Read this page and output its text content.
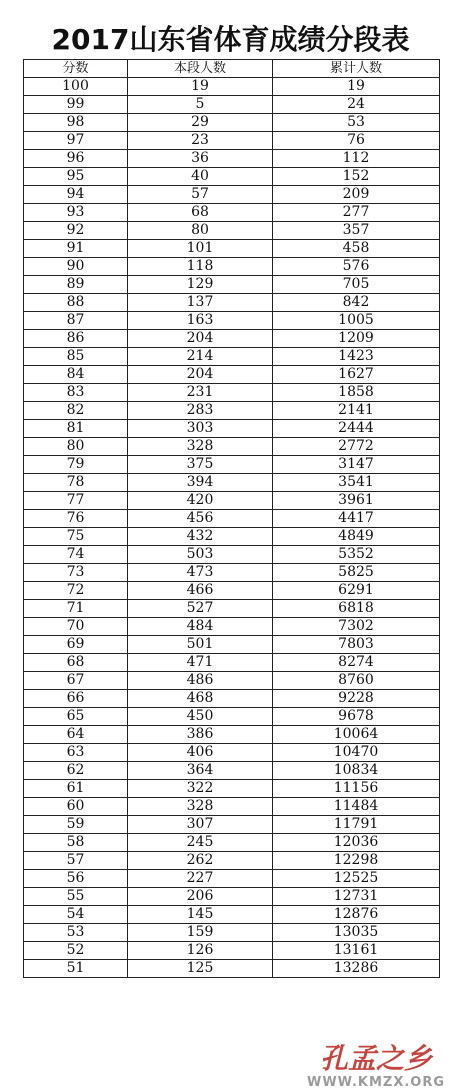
2017山东省体育成绩分段表
分数	本段人数	累计人数
100	19	19
99	5	24
98	29	53
97	23	76
96	36	112
95	40	152
94	57	209
93	68	277
92	80	357
91	101	458
90	118	576
89	129	705
88	137	842
87	163	1005
86	204	1209
85	214	1423
84	204	1627
83	231	1858
82	283	2141
81	303	2444
80	328	2772
79	375	3147
78	394	3541
77	420	3961
76	456	4417
75	432	4849
74	503	5352
73	473	5825
72	466	6291
71	527	6818
70	484	7302
69	501	7803
68	471	8274
67	486	8760
66	468	9228
65	450	9678
64	386	10064
63	406	10470
62	364	10834
61	322	11156
60	328	11484
59	307	11791
58	245	12036
57	262	12298
56	227	12525
55	206	12731
54	145	12876
53	159	13035
52	126	13161
51	125	13286
孔孟之乡
WWW.KMZX.ORG
